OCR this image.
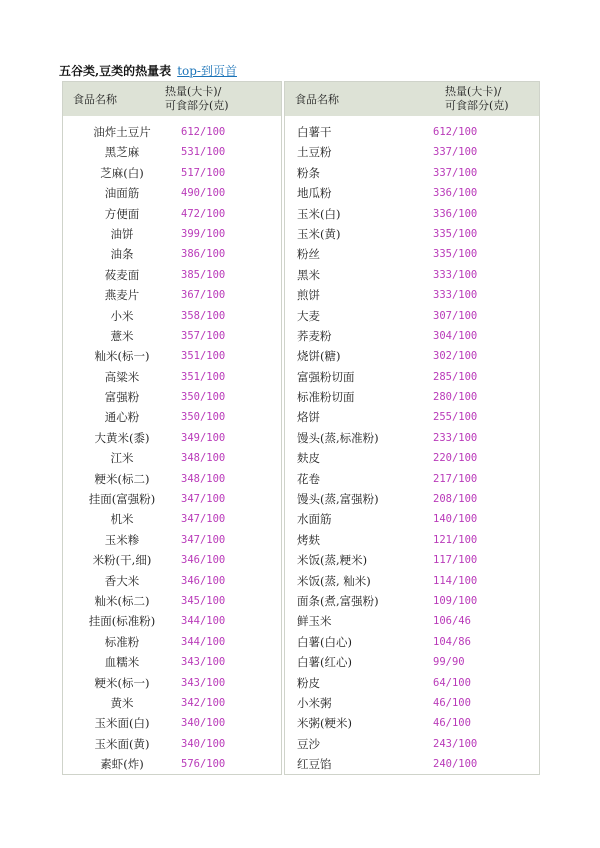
五谷类,豆类的热量表 top-到页首
食品名称
热量(大卡)/
可食部分(克)
油炸土豆片	612/100
黑芝麻	531/100
芝麻(白)	517/100
油面筋	490/100
方便面	472/100
油饼	399/100
油条	386/100
莜麦面	385/100
燕麦片	367/100
小米	358/100
薏米	357/100
籼米(标一)	351/100
高粱米	351/100
富强粉	350/100
通心粉	350/100
大黄米(黍)	349/100
江米	348/100
粳米(标二)	348/100
挂面(富强粉)	347/100
机米	347/100
玉米糁	347/100
米粉(干,细)	346/100
香大米	346/100
籼米(标二)	345/100
挂面(标准粉)	344/100
标准粉	344/100
血糯米	343/100
粳米(标一)	343/100
黄米	342/100
玉米面(白)	340/100
玉米面(黄)	340/100
素虾(炸)	576/100
食品名称
热量(大卡)/
可食部分(克)
白薯干	612/100
土豆粉	337/100
粉条	337/100
地瓜粉	336/100
玉米(白)	336/100
玉米(黄)	335/100
粉丝	335/100
黑米	333/100
煎饼	333/100
大麦	307/100
荞麦粉	304/100
烧饼(糖)	302/100
富强粉切面	285/100
标准粉切面	280/100
烙饼	255/100
馒头(蒸,标准粉)	233/100
麸皮	220/100
花卷	217/100
馒头(蒸,富强粉)	208/100
水面筋	140/100
烤麸	121/100
米饭(蒸,粳米)	117/100
米饭(蒸, 籼米)	114/100
面条(煮,富强粉)	109/100
鲜玉米	106/46
白薯(白心)	104/86
白薯(红心)	99/90
粉皮	64/100
小米粥	46/100
米粥(粳米)	46/100
豆沙	243/100
红豆馅	240/100
